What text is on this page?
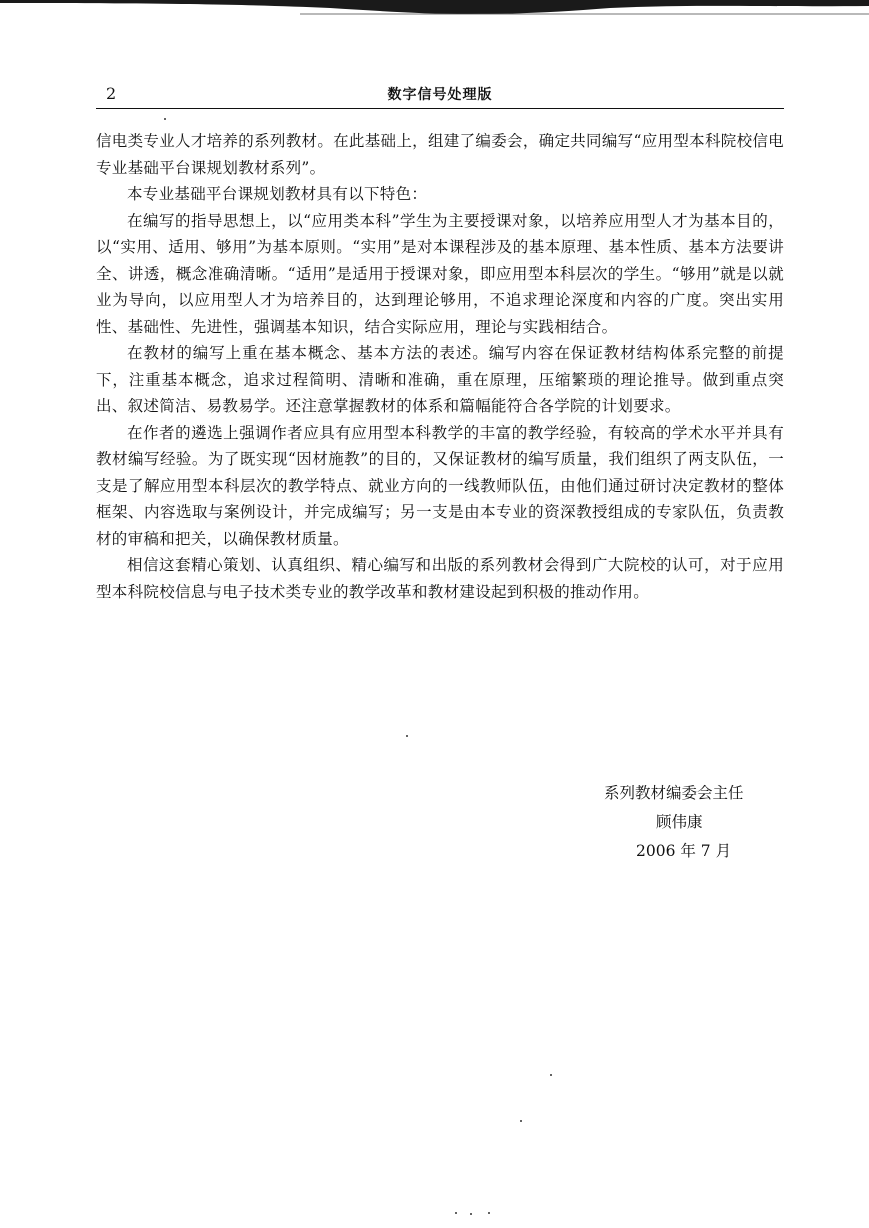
2	数字信号处理版

信电类专业人才培养的系列教材。在此基础上，组建了编委会，确定共同编写“应用型本科院校信电专业基础平台课规划教材系列”。

本专业基础平台课规划教材具有以下特色：

在编写的指导思想上，以“应用类本科”学生为主要授课对象，以培养应用型人才为基本目的，以“实用、适用、够用”为基本原则。“实用”是对本课程涉及的基本原理、基本性质、基本方法要讲全、讲透，概念准确清晰。“适用”是适用于授课对象，即应用型本科层次的学生。“够用”就是以就业为导向，以应用型人才为培养目的，达到理论够用，不追求理论深度和内容的广度。突出实用性、基础性、先进性，强调基本知识，结合实际应用，理论与实践相结合。

在教材的编写上重在基本概念、基本方法的表述。编写内容在保证教材结构体系完整的前提下，注重基本概念，追求过程简明、清晰和准确，重在原理，压缩繁琐的理论推导。做到重点突出、叙述简洁、易教易学。还注意掌握教材的体系和篇幅能符合各学院的计划要求。

在作者的遴选上强调作者应具有应用型本科教学的丰富的教学经验，有较高的学术水平并具有教材编写经验。为了既实现“因材施教”的目的，又保证教材的编写质量，我们组织了两支队伍，一支是了解应用型本科层次的教学特点、就业方向的一线教师队伍，由他们通过研讨决定教材的整体框架、内容选取与案例设计，并完成编写；另一支是由本专业的资深教授组成的专家队伍，负责教材的审稿和把关，以确保教材质量。

相信这套精心策划、认真组织、精心编写和出版的系列教材会得到广大院校的认可，对于应用型本科院校信息与电子技术类专业的教学改革和教材建设起到积极的推动作用。

系列教材编委会主任
顾伟康
2006 年 7 月
